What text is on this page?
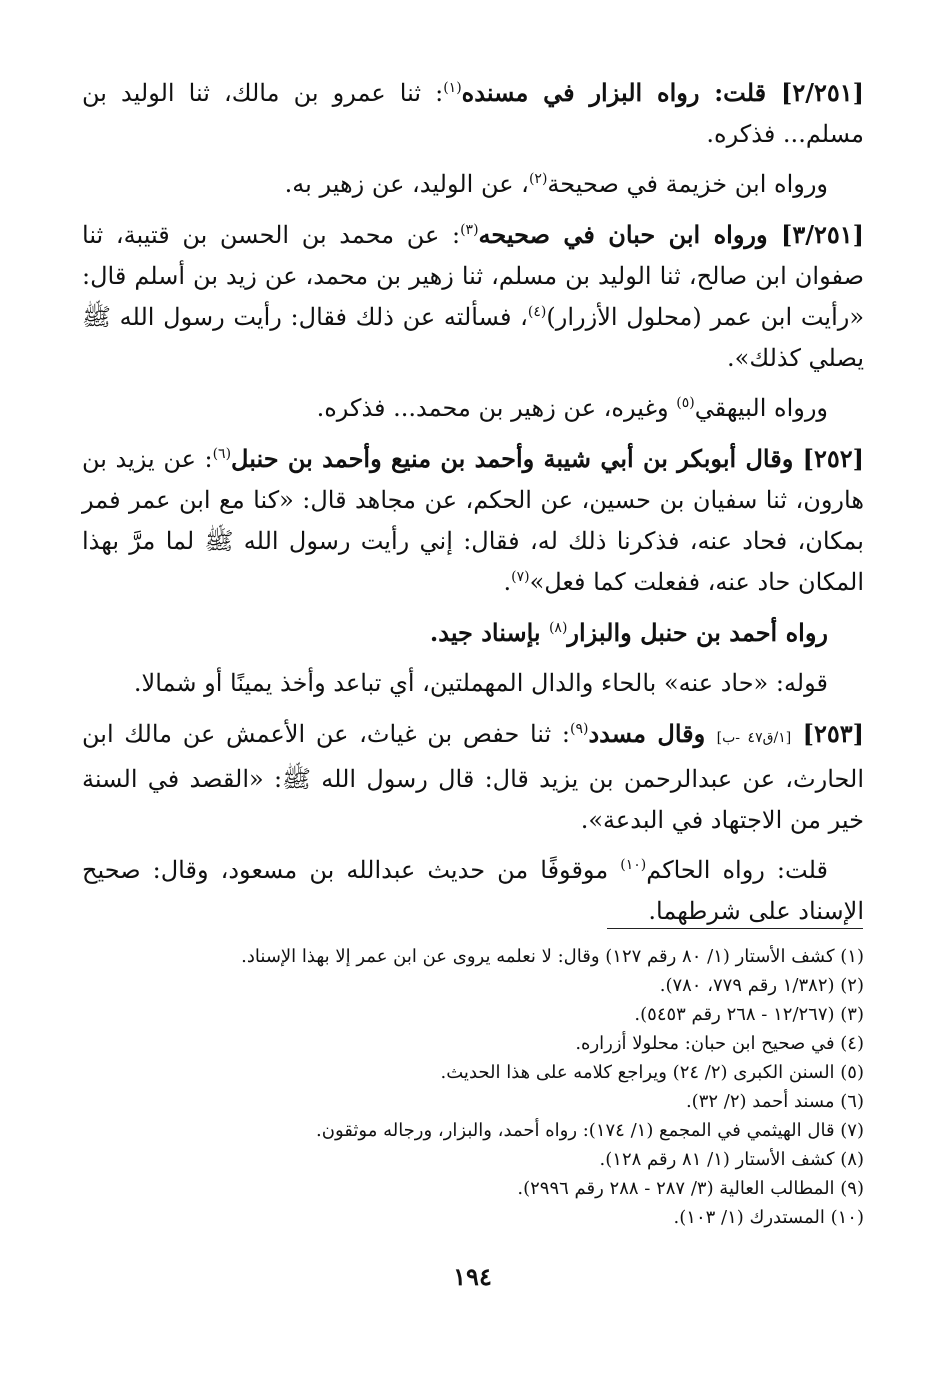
[٢/٢٥١] قلت: رواه البزار في مسنده$^{(١)}$: ثنا عمرو بن مالك، ثنا الوليد بن مسلم... فذكره.

ورواه ابن خزيمة في صحيحة$^{(٢)}$، عن الوليد، عن زهير به.

[٣/٢٥١] ورواه ابن حبان في صحيحه$^{(٣)}$: عن محمد بن الحسن بن قتيبة، ثنا صفوان ابن صالح، ثنا الوليد بن مسلم، ثنا زهير بن محمد، عن زيد بن أسلم قال: «رأيت ابن عمر (محلول الأزرار)$^{(٤)}$، فسألته عن ذلك فقال: رأيت رسول الله ﷺ يصلي كذلك».

ورواه البيهقي$^{(٥)}$ وغيره، عن زهير بن محمد... فذكره.

[٢٥٢] وقال أبوبكر بن أبي شيبة وأحمد بن منيع وأحمد بن حنبل$^{(٦)}$: عن يزيد بن هارون، ثنا سفيان بن حسين، عن الحكم، عن مجاهد قال: «كنا مع ابن عمر فمر بمكان، فحاد عنه، فذكرنا ذلك له، فقال: إني رأيت رسول الله ﷺ لما مرَّ بهذا المكان حاد عنه، ففعلت كما فعل»$^{(٧)}$.

رواه أحمد بن حنبل والبزار$^{(٨)}$ بإسناد جيد.

قوله: «حاد عنه» بالحاء والدال المهملتين، أي تباعد وأخذ يمينًا أو شمالا.

[٢٥٣] [١/ق٤٧ -ب] وقال مسدد$^{(٩)}$: ثنا حفص بن غياث، عن الأعمش عن مالك ابن الحارث، عن عبدالرحمن بن يزيد قال: قال رسول الله ﷺ: «القصد في السنة خير من الاجتهاد في البدعة».

قلت: رواه الحاكم$^{(١٠)}$ موقوفًا من حديث عبدالله بن مسعود، وقال: صحيح الإسناد على شرطهما.

(١) كشف الأستار (١/ ٨٠ رقم ١٢٧) وقال: لا نعلمه يروى عن ابن عمر إلا بهذا الإسناد.
(٢) (١/٣٨٢ رقم ٧٧٩، ٧٨٠).
(٣) (١٢/٢٦٧ - ٢٦٨ رقم ٥٤٥٣).
(٤) في صحيح ابن حبان: محلولا أزراره.
(٥) السنن الكبرى (٢/ ٢٤) ويراجع كلامه على هذا الحديث.
(٦) مسند أحمد (٢/ ٣٢).
(٧) قال الهيثمي في المجمع (١/ ١٧٤): رواه أحمد، والبزار، ورجاله موثقون.
(٨) كشف الأستار (١/ ٨١ رقم ١٢٨).
(٩) المطالب العالية (٣/ ٢٨٧ - ٢٨٨ رقم ٢٩٩٦).
(١٠) المستدرك (١/ ١٠٣).
١٩٤
